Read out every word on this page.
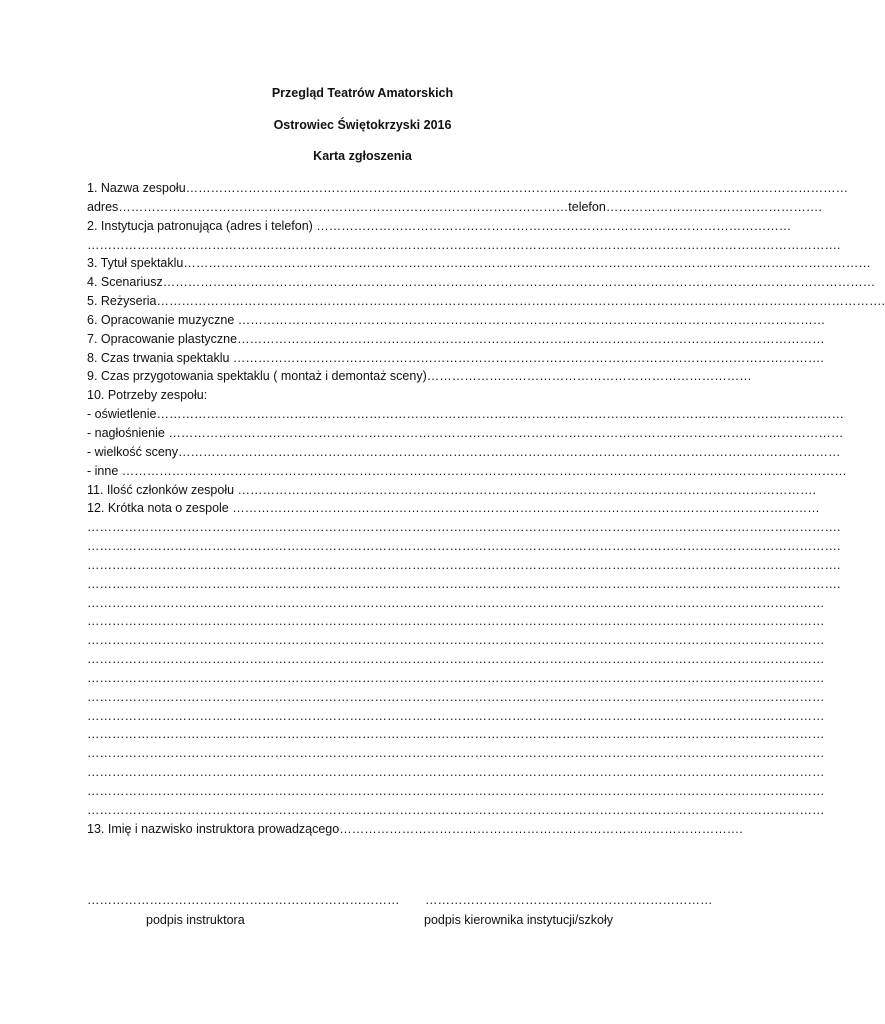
Przegląd Teatrów Amatorskich
Ostrowiec Świętokrzyski 2016
Karta zgłoszenia
1. Nazwa zespołu……………………………………………………………………………………………………………………………………………
adres………………………………………………………………………………………………telefon…………………………………………….
2. Instytucja patronująca (adres i telefon) ……………………………………………………………………………………………………
……………………………………………………………………………………………………………………………………………………………….
3. Tytuł spektaklu…………………………………………………………………………………………………………………………………………………
4. Scenariusz………………………………………………………………………………………………………………………………………………………
5. Reżyseria………………………………………………………………………………………………………………………………………………………….
6. Opracowanie muzyczne ……………………………………………………………………………………………………………………………
7. Opracowanie plastyczne……………………………………………………………………………………………………………………………
8. Czas trwania spektaklu …………………………………………………………………………………………………………………………….
9. Czas przygotowania spektaklu ( montaż i demontaż sceny)……………………………………………………………………
10. Potrzeby zespołu:
- oświetlenie…………………………………………………………………………………………………………………………………………………
- nagłośnienie ………………………………………………………………………………………………………………………………………………
- wielkość sceny……………………………………………………………………………………………………………………………………………
- inne …………………………………………………………………………………………………………………………………………………………
11. Ilość członków zespołu ………………………………………………………………………………………………………………………….
12. Krótka nota o zespole ……………………………………………………………………………………………………………………………
……………………………………………………………………………………………………………………………………………………………….
……………………………………………………………………………………………………………………………………………………………….
……………………………………………………………………………………………………………………………………………………………….
……………………………………………………………………………………………………………………………………………………………….
……………………………………………………………………………………………………………………………………………………………
……………………………………………………………………………………………………………………………………………………………
……………………………………………………………………………………………………………………………………………………………
……………………………………………………………………………………………………………………………………………………………
……………………………………………………………………………………………………………………………………………………………
……………………………………………………………………………………………………………………………………………………………
……………………………………………………………………………………………………………………………………………………………
……………………………………………………………………………………………………………………………………………………………
……………………………………………………………………………………………………………………………………………………………
……………………………………………………………………………………………………………………………………………………………
……………………………………………………………………………………………………………………………………………………………
……………………………………………………………………………………………………………………………………………………………
13. Imię i nazwisko instruktora prowadzącego…………………………………………………………………………………….
………………………………………………………………… ……………………………………………………………
podpis instruktora	podpis kierownika instytucji/szkoły
